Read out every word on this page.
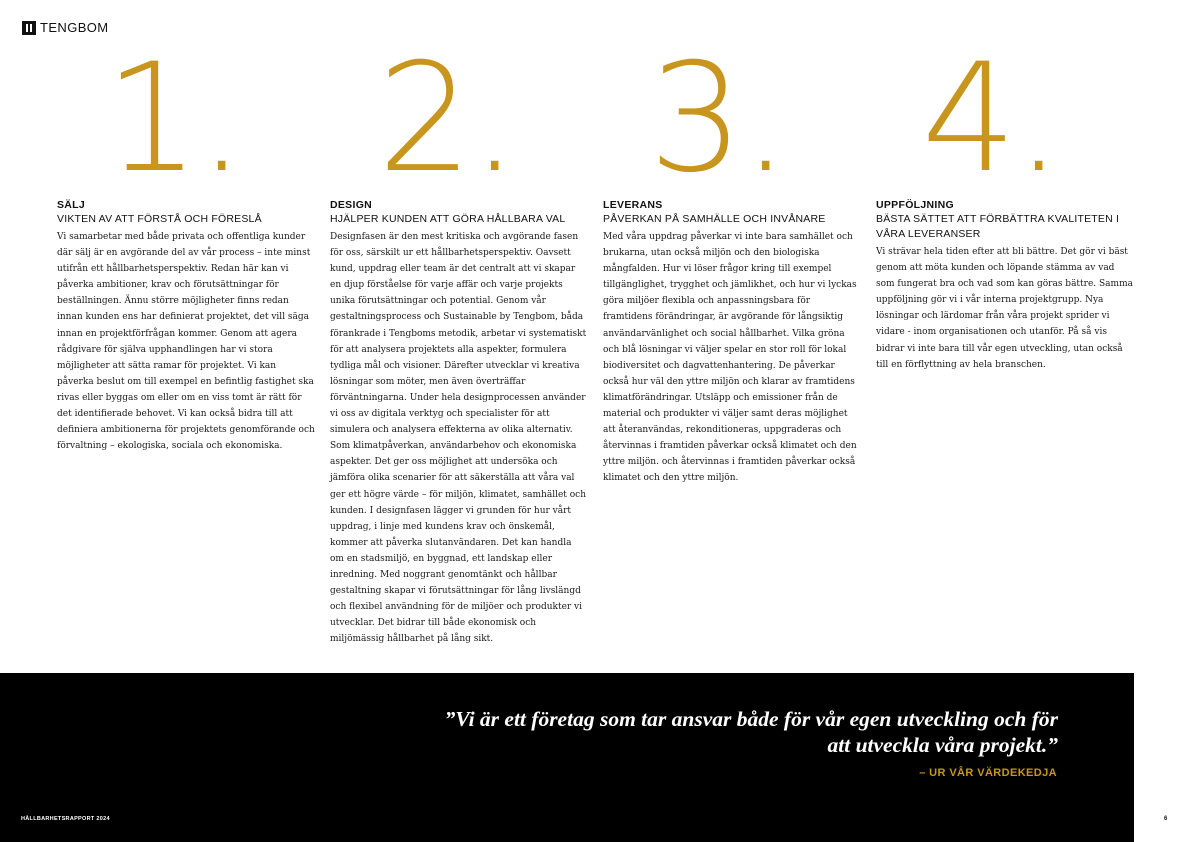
TENGBOM
1.
SÄLJ
VIKTEN AV ATT FÖRSTÅ OCH FÖRESLÅ
Vi samarbetar med både privata och offentliga kunder där sälj är en avgörande del av vår process – inte minst utifrån ett hållbarhetsperspektiv. Redan här kan vi påverka ambitioner, krav och förutsättningar för beställningen. Ännu större möjligheter finns redan innan kunden ens har definierat projektet, det vill säga innan en projektförfrågan kommer. Genom att agera rådgivare för själva upphandlingen har vi stora möjligheter att sätta ramar för projektet. Vi kan påverka beslut om till exempel en befintlig fastighet ska rivas eller byggas om eller om en viss tomt är rätt för det identifierade behovet. Vi kan också bidra till att definiera ambitionerna för projektets genomförande och förvaltning – ekologiska, sociala och ekonomiska.
2.
DESIGN
HJÄLPER KUNDEN ATT GÖRA HÅLLBARA VAL
Designfasen är den mest kritiska och avgörande fasen för oss, särskilt ur ett hållbarhetsperspektiv. Oavsett kund, uppdrag eller team är det centralt att vi skapar en djup förståelse för varje affär och varje projekts unika förutsättningar och potential. Genom vår gestaltningsprocess och Sustainable by Tengbom, båda förankrade i Tengboms metodik, arbetar vi systematiskt för att analysera projektets alla aspekter, formulera tydliga mål och visioner. Därefter utvecklar vi kreativa lösningar som möter, men även överträffar förväntningarna. Under hela designprocessen använder vi oss av digitala verktyg och specialister för att simulera och analysera effekterna av olika alternativ. Som klimatpåverkan, användarbehov och ekonomiska aspekter. Det ger oss möjlighet att undersöka och jämföra olika scenarier för att säkerställa att våra val ger ett högre värde – för miljön, klimatet, samhället och kunden. I designfasen lägger vi grunden för hur vårt uppdrag, i linje med kundens krav och önskemål, kommer att påverka slutanvändaren. Det kan handla om en stadsmiljö, en byggnad, ett landskap eller inredning. Med noggrant genomtänkt och hållbar gestaltning skapar vi förutsättningar för lång livslängd och flexibel användning för de miljöer och produkter vi utvecklar. Det bidrar till både ekonomisk och miljömässig hållbarhet på lång sikt.
3.
LEVERANS
PÅVERKAN PÅ SAMHÄLLE OCH INVÅNARE
Med våra uppdrag påverkar vi inte bara samhället och brukarna, utan också miljön och den biologiska mångfalden. Hur vi löser frågor kring till exempel tillgänglighet, trygghet och jämlikhet, och hur vi lyckas göra miljöer flexibla och anpassningsbara för framtidens förändringar, är avgörande för långsiktig användarvänlighet och social hållbarhet. Vilka gröna och blå lösningar vi väljer spelar en stor roll för lokal biodiversitet och dagvattenhantering. De påverkar också hur väl den yttre miljön och klarar av framtidens klimatförändringar. Utsläpp och emissioner från de material och produkter vi väljer samt deras möjlighet att återanvändas, rekonditioneras, uppgraderas och återvinnas i framtiden påverkar också klimatet och den yttre miljön. och återvinnas i framtiden påverkar också klimatet och den yttre miljön.
4.
UPPFÖLJNING
BÄSTA SÄTTET ATT FÖRBÄTTRA KVALITETEN I VÅRA LEVERANSER
Vi strävar hela tiden efter att bli bättre. Det gör vi bäst genom att möta kunden och löpande stämma av vad som fungerat bra och vad som kan göras bättre. Samma uppföljning gör vi i vår interna projektgrupp. Nya lösningar och lärdomar från våra projekt sprider vi vidare - inom organisationen och utanför. På så vis bidrar vi inte bara till vår egen utveckling, utan också till en förflyttning av hela branschen.
”Vi är ett företag som tar ansvar både för vår egen utveckling och för att utveckla våra projekt.”
– UR VÅR VÄRDEKEDJA
HÅLLBARHETSRAPPORT 2024	6
